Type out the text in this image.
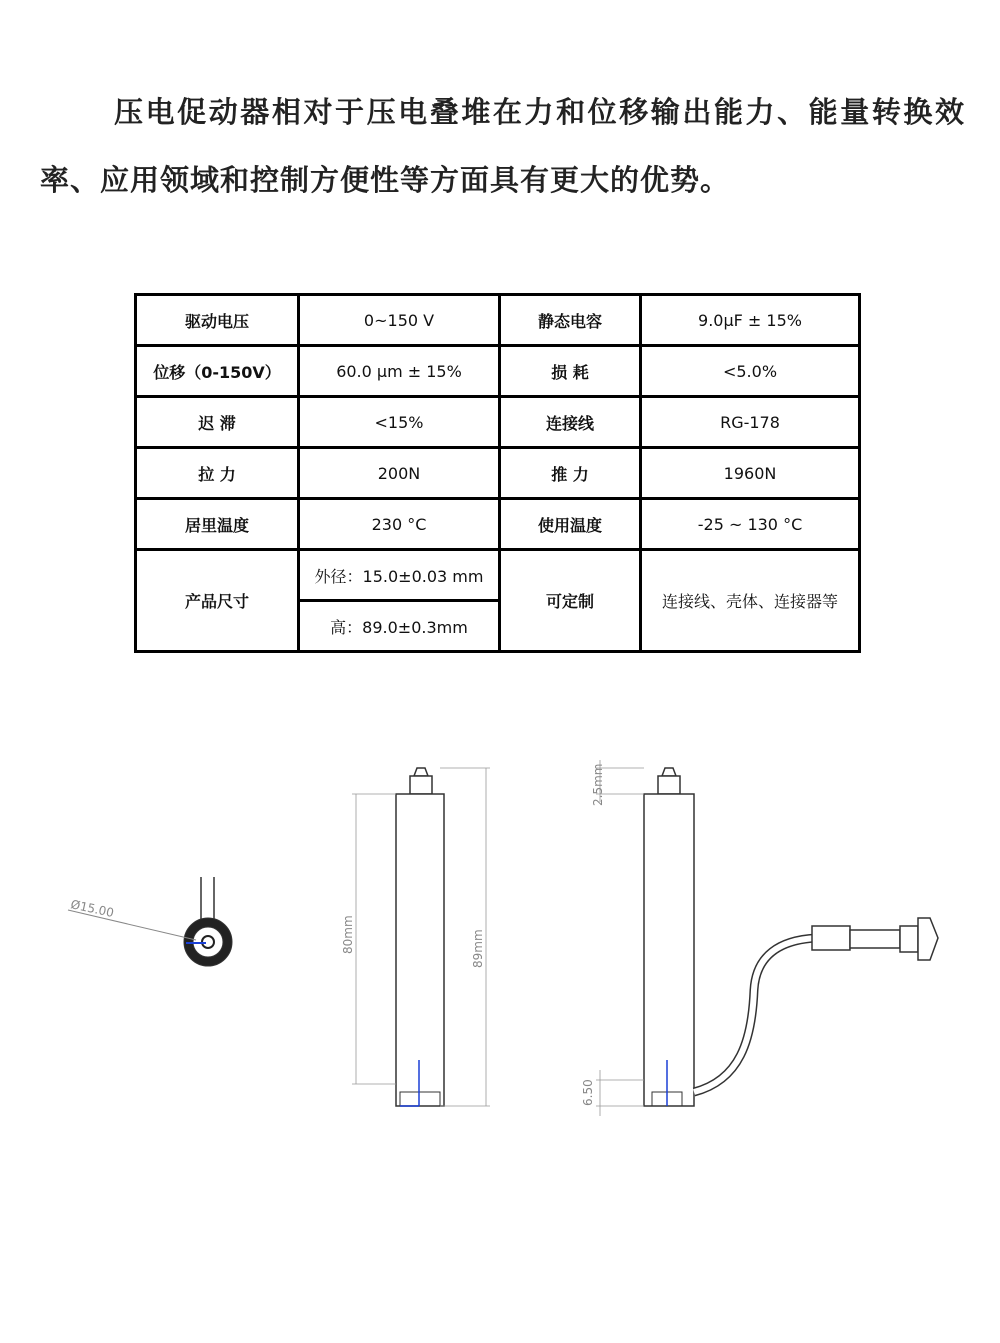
压电促动器相对于压电叠堆在力和位移输出能力、能量转换效率、应用领域和控制方便性等方面具有更大的优势。
驱动电压	0~150 V	静态电容	9.0μF ± 15%
位移（0-150V）	60.0 μm ± 15%	损 耗	<5.0%
迟 滞	<15%	连接线	RG-178
拉 力	200N	推 力	1960N
居里温度	230 °C	使用温度	-25 ~ 130 °C
产品尺寸	外径：15.0±0.03 mm	可定制	连接线、壳体、连接器等
	高：89.0±0.3mm		
Ø15.00
80mm	89mm
2.5mm
6.50
